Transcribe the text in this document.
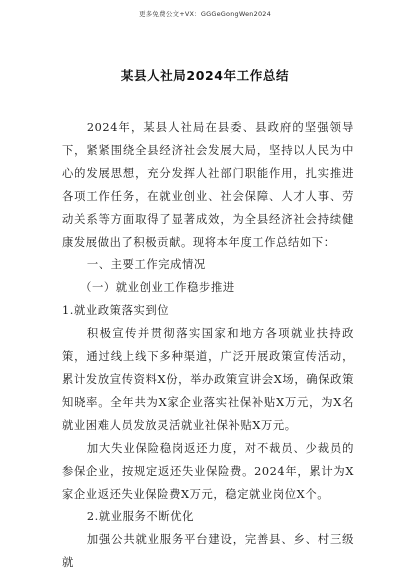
更多免费公文+VX：GGGeGongWen2024
某县人社局2024年工作总结

2024年，某县人社局在县委、县政府的坚强领导下，紧紧围绕全县经济社会发展大局，坚持以人民为中心的发展思想，充分发挥人社部门职能作用，扎实推进各项工作任务，在就业创业、社会保障、人才人事、劳动关系等方面取得了显著成效，为全县经济社会持续健康发展做出了积极贡献。现将本年度工作总结如下：

一、主要工作完成情况

（一）就业创业工作稳步推进

1.就业政策落实到位

积极宣传并贯彻落实国家和地方各项就业扶持政策，通过线上线下多种渠道，广泛开展政策宣传活动，累计发放宣传资料X份，举办政策宣讲会X场，确保政策知晓率。全年共为X家企业落实社保补贴X万元，为X名就业困难人员发放灵活就业社保补贴X万元。

加大失业保险稳岗返还力度，对不裁员、少裁员的参保企业，按规定返还失业保险费。2024年，累计为X家企业返还失业保险费X万元，稳定就业岗位X个。

2.就业服务不断优化

加强公共就业服务平台建设，完善县、乡、村三级就
